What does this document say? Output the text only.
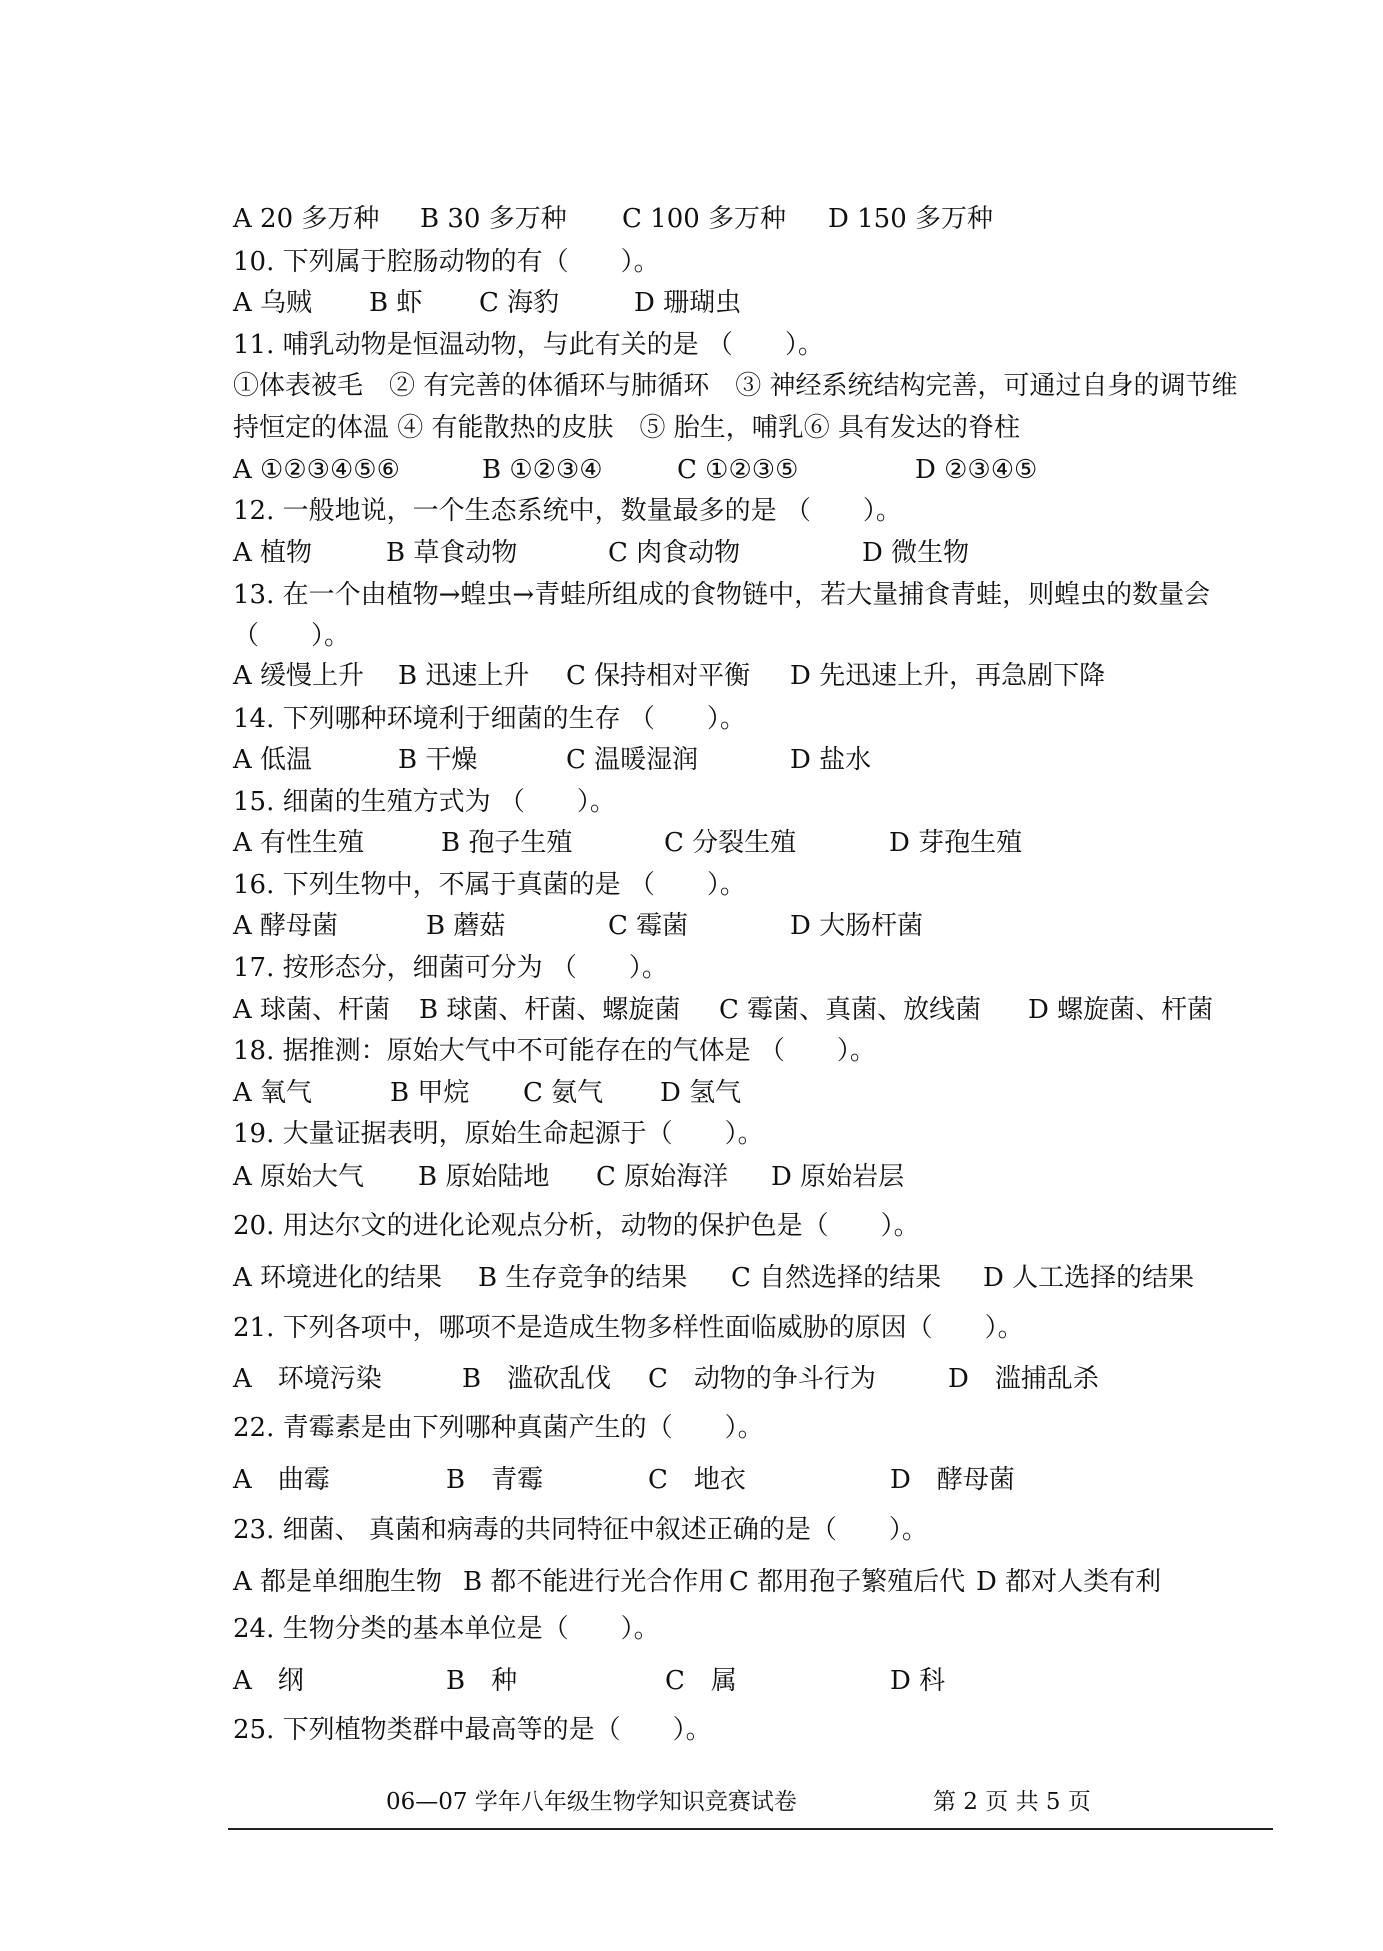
A 20 多万种 B 30 多万种 C 100 多万种 D 150 多万种
10. 下列属于腔肠动物的有（　　）。
A 乌贼 B 虾 C 海豹	D 珊瑚虫
11. 哺乳动物是恒温动物，与此有关的是 （　　）。
①体表被毛　② 有完善的体循环与肺循环　③ 神经系统结构完善，可通过自身的调节维
持恒定的体温 ④ 有能散热的皮肤　⑤ 胎生，哺乳⑥ 具有发达的脊柱
A ①②③④⑤⑥	B ①②③④	C ①②③⑤	D ②③④⑤
12. 一般地说，一个生态系统中，数量最多的是 （　　）。
A 植物	B 草食动物	C 肉食动物	D 微生物
13. 在一个由植物→蝗虫→青蛙所组成的食物链中，若大量捕食青蛙，则蝗虫的数量会
（　　）。
A 缓慢上升 B 迅速上升 C 保持相对平衡 D 先迅速上升，再急剧下降
14. 下列哪种环境利于细菌的生存 （　　）。
A 低温	B 干燥	C 温暖湿润	D 盐水
15. 细菌的生殖方式为 （　　）。
A 有性生殖	B 孢子生殖	C 分裂生殖	D 芽孢生殖
16. 下列生物中，不属于真菌的是 （　　）。
A 酵母菌	B 蘑菇	C 霉菌	D 大肠杆菌
17. 按形态分，细菌可分为 （　　）。
A 球菌、杆菌 B 球菌、杆菌、螺旋菌 C 霉菌、真菌、放线菌 D 螺旋菌、杆菌
18. 据推测：原始大气中不可能存在的气体是 （　　）。
A 氧气	B 甲烷 C 氨气 D 氢气
19. 大量证据表明，原始生命起源于（　　）。
A 原始大气 B 原始陆地 C 原始海洋 D 原始岩层
20. 用达尔文的进化论观点分析，动物的保护色是（　　）。
A 环境进化的结果 B 生存竞争的结果 C 自然选择的结果 D 人工选择的结果
21. 下列各项中，哪项不是造成生物多样性面临威胁的原因（　　）。
A　环境污染	B　滥砍乱伐 C　动物的争斗行为	D　滥捕乱杀
22. 青霉素是由下列哪种真菌产生的（　　）。
A　曲霉	B　青霉	C　地衣	D　酵母菌
23. 细菌、 真菌和病毒的共同特征中叙述正确的是（　　）。
A 都是单细胞生物 B 都不能进行光合作用 C 都用孢子繁殖后代 D 都对人类有利
24. 生物分类的基本单位是（　　）。
A　纲	B　种	C　属	D 科
25. 下列植物类群中最高等的是（　　）。
06—07 学年八年级生物学知识竞赛试卷	第 2 页 共 5 页
